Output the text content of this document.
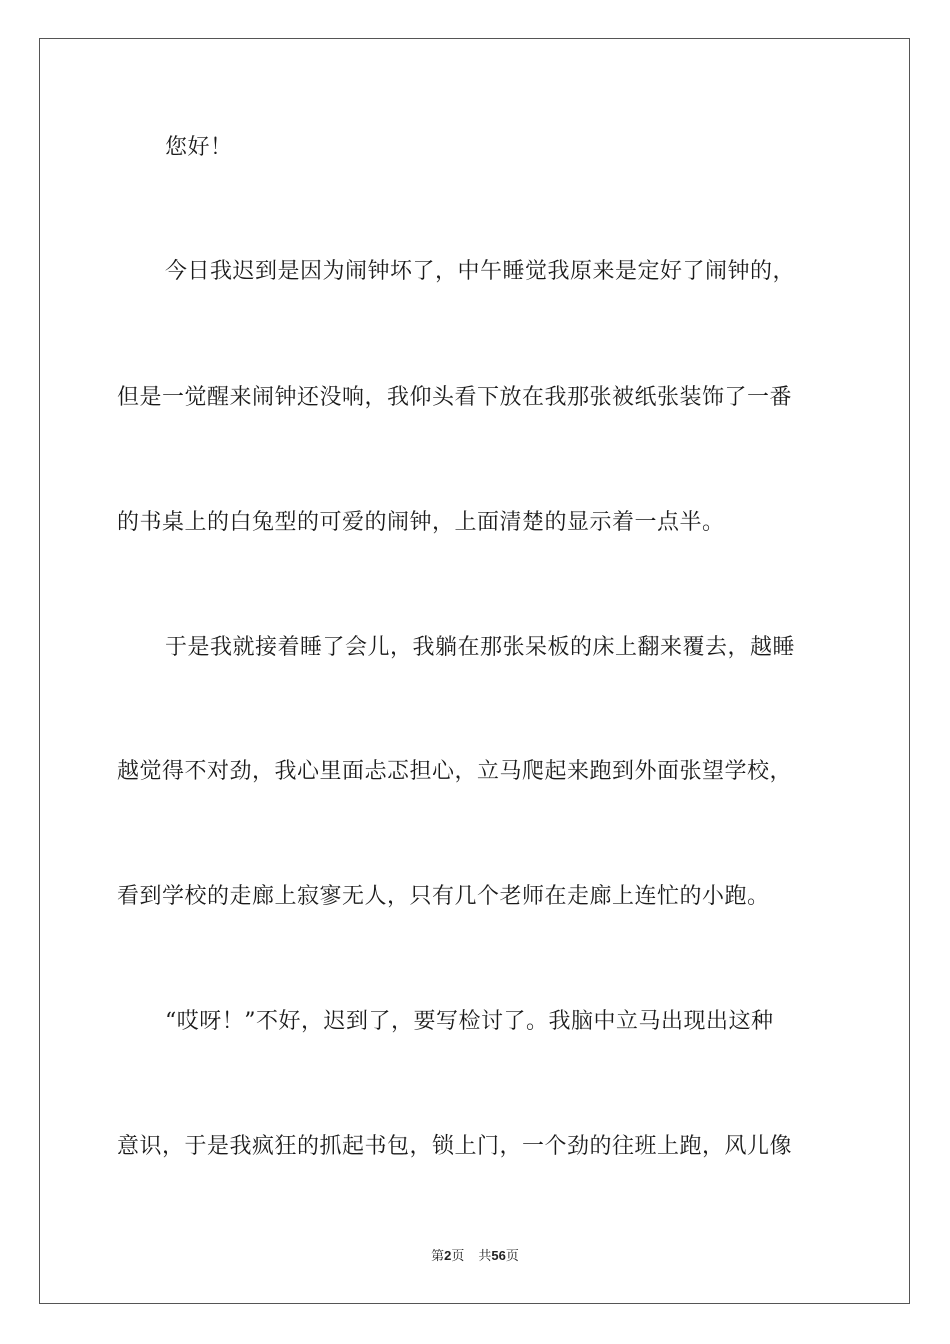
您好！
今日我迟到是因为闹钟坏了，中午睡觉我原来是定好了闹钟的，
但是一觉醒来闹钟还没响，我仰头看下放在我那张被纸张装饰了一番
的书桌上的白兔型的可爱的闹钟，上面清楚的显示着一点半。
于是我就接着睡了会儿，我躺在那张呆板的床上翻来覆去，越睡
越觉得不对劲，我心里面忐忑担心，立马爬起来跑到外面张望学校，
看到学校的走廊上寂寥无人，只有几个老师在走廊上连忙的小跑。
“哎呀！”不好，迟到了，要写检讨了。我脑中立马出现出这种
意识，于是我疯狂的抓起书包，锁上门，一个劲的往班上跑，风儿像
第2页 共56页
